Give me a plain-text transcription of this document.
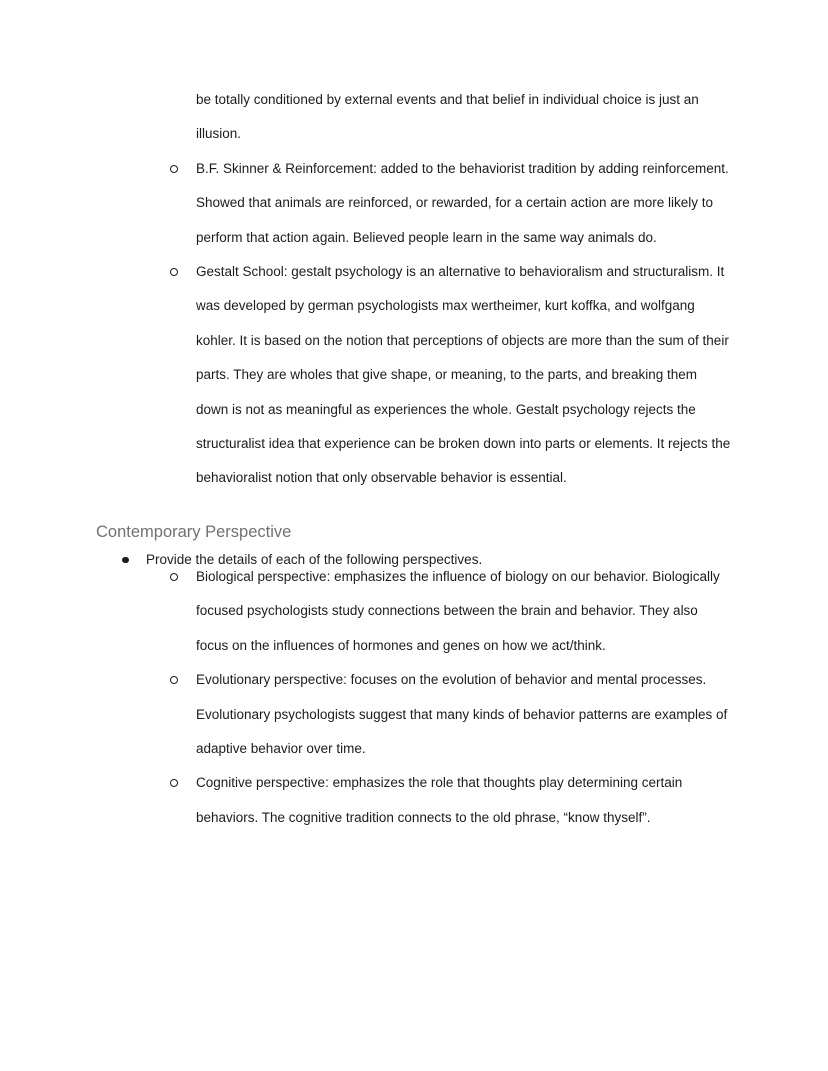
be totally conditioned by external events and that belief in individual choice is just an illusion.
B.F. Skinner & Reinforcement: added to the behaviorist tradition by adding reinforcement. Showed that animals are reinforced, or rewarded, for a certain action are more likely to perform that action again. Believed people learn in the same way animals do.
Gestalt School: gestalt psychology is an alternative to behavioralism and structuralism. It was developed by german psychologists max wertheimer, kurt koffka, and wolfgang kohler. It is based on the notion that perceptions of objects are more than the sum of their parts. They are wholes that give shape, or meaning, to the parts, and breaking them down is not as meaningful as experiences the whole. Gestalt psychology rejects the structuralist idea that experience can be broken down into parts or elements. It rejects the behavioralist notion that only observable behavior is essential.
Contemporary Perspective
Provide the details of each of the following perspectives.
Biological perspective: emphasizes the influence of biology on our behavior. Biologically focused psychologists study connections between the brain and behavior. They also focus on the influences of hormones and genes on how we act/think.
Evolutionary perspective: focuses on the evolution of behavior and mental processes. Evolutionary psychologists suggest that many kinds of behavior patterns are examples of adaptive behavior over time.
Cognitive perspective: emphasizes the role that thoughts play determining certain behaviors. The cognitive tradition connects to the old phrase, “know thyself”.
